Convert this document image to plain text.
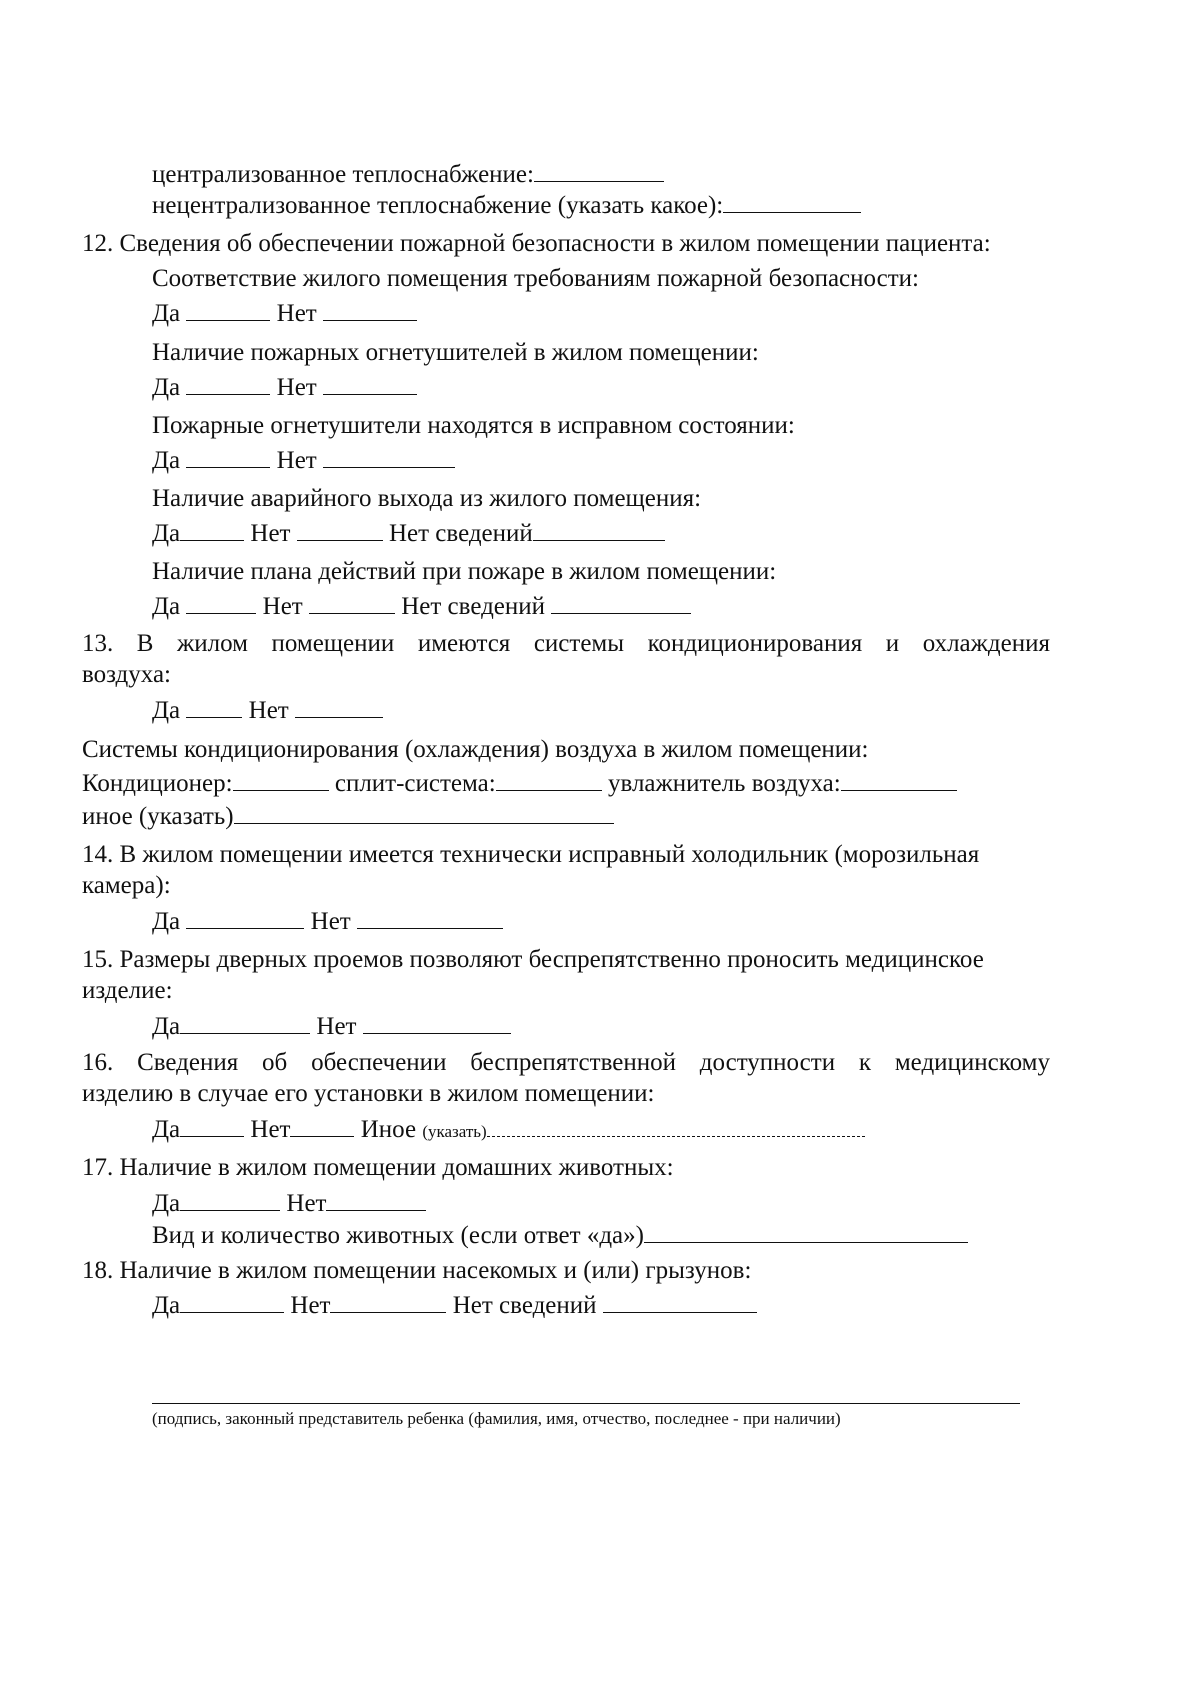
централизованное теплоснабжение:
нецентрализованное теплоснабжение (указать какое):
12. Сведения об обеспечении пожарной безопасности в жилом помещении пациента:
Соответствие жилого помещения требованиям пожарной безопасности:
Да	Нет
Наличие пожарных огнетушителей в жилом помещении:
Да	Нет
Пожарные огнетушители находятся в исправном состоянии:
Да	Нет
Наличие аварийного выхода из жилого помещения:
Да	Нет	Нет сведений
Наличие плана действий при пожаре в жилом помещении:
Да	Нет	Нет сведений
13. В жилом помещении имеются системы кондиционирования и охлаждения
воздуха:
Да	Нет
Системы кондиционирования (охлаждения) воздуха в жилом помещении:
Кондиционер:	сплит-система:	увлажнитель воздуха:
иное (указать)
14. В жилом помещении имеется технически исправный холодильник (морозильная
камера):
Да	Нет
15. Размеры дверных проемов позволяют беспрепятственно проносить медицинское
изделие:
Да	Нет
16. Сведения об обеспечении беспрепятственной доступности к медицинскому
изделию в случае его установки в жилом помещении:
Да	Нет	Иное (указать)
17. Наличие в жилом помещении домашних животных:
Да	Нет
Вид и количество животных (если ответ «да»)
18. Наличие в жилом помещении насекомых и (или) грызунов:
Да	Нет	Нет сведений
(подпись, законный представитель ребенка (фамилия, имя, отчество, последнее - при наличии)
